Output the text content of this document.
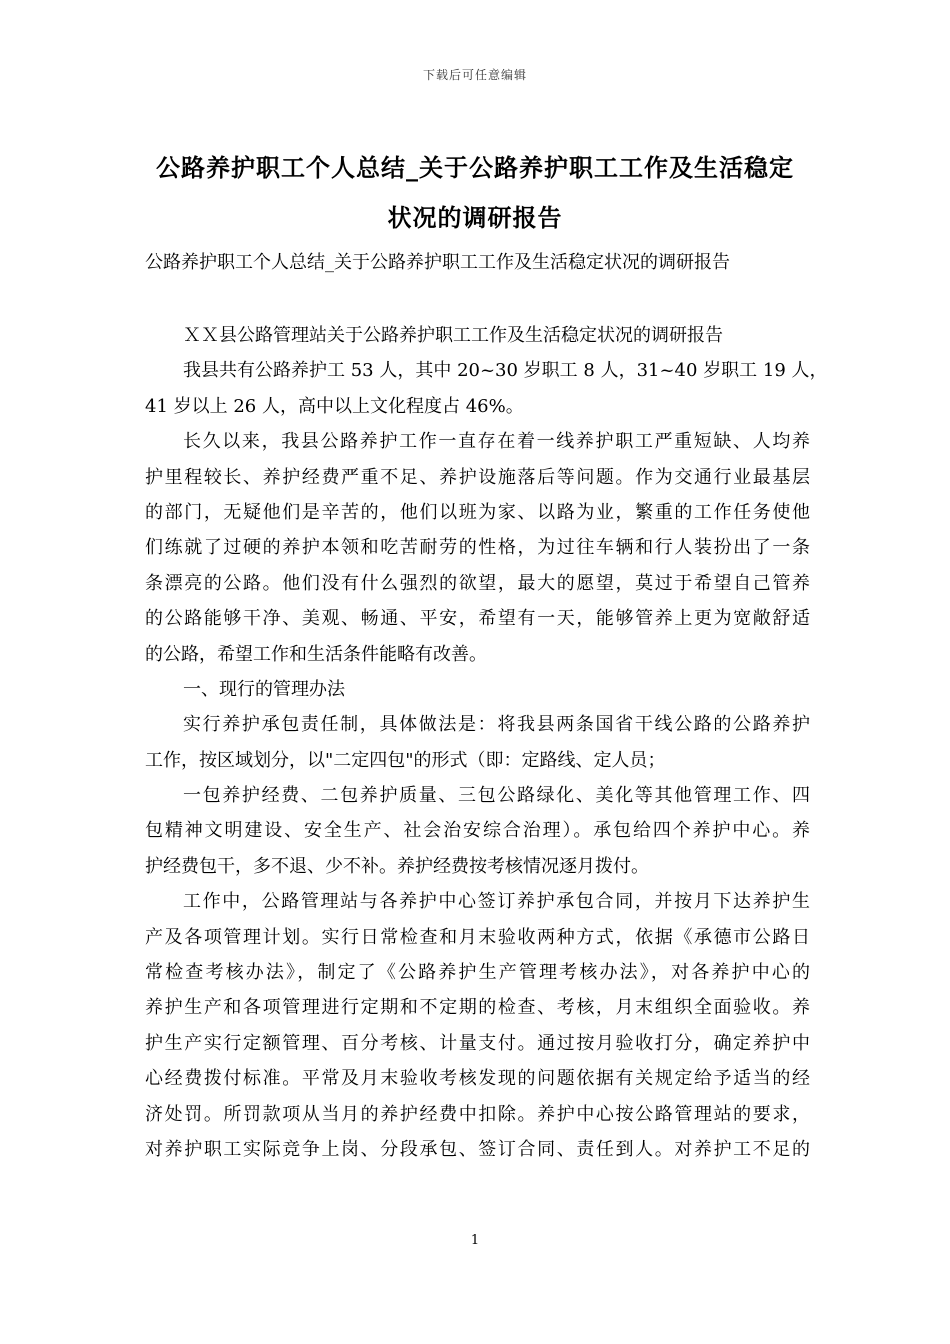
下载后可任意编辑
公路养护职工个人总结_关于公路养护职工工作及生活稳定
状况的调研报告
公路养护职工个人总结_关于公路养护职工工作及生活稳定状况的调研报告
ＸＸ县公路管理站关于公路养护职工工作及生活稳定状况的调研报告
我县共有公路养护工 53 人，其中 20~30 岁职工 8 人，31~40 岁职工 19 人，
41 岁以上 26 人，高中以上文化程度占 46%。
长久以来，我县公路养护工作一直存在着一线养护职工严重短缺、人均养
护里程较长、养护经费严重不足、养护设施落后等问题。作为交通行业最基层
的部门，无疑他们是辛苦的，他们以班为家、以路为业，繁重的工作任务使他
们练就了过硬的养护本领和吃苦耐劳的性格，为过往车辆和行人装扮出了一条
条漂亮的公路。他们没有什么强烈的欲望，最大的愿望，莫过于希望自己管养
的公路能够干净、美观、畅通、平安，希望有一天，能够管养上更为宽敞舒适
的公路，希望工作和生活条件能略有改善。
一、现行的管理办法
实行养护承包责任制，具体做法是：将我县两条国省干线公路的公路养护
工作，按区域划分，以"二定四包"的形式（即：定路线、定人员；
一包养护经费、二包养护质量、三包公路绿化、美化等其他管理工作、四
包精神文明建设、安全生产、社会治安综合治理）。承包给四个养护中心。养
护经费包干，多不退、少不补。养护经费按考核情况逐月拨付。
工作中，公路管理站与各养护中心签订养护承包合同，并按月下达养护生
产及各项管理计划。实行日常检查和月末验收两种方式，依据《承德市公路日
常检查考核办法》，制定了《公路养护生产管理考核办法》，对各养护中心的
养护生产和各项管理进行定期和不定期的检查、考核，月末组织全面验收。养
护生产实行定额管理、百分考核、计量支付。通过按月验收打分，确定养护中
心经费拨付标准。平常及月末验收考核发现的问题依据有关规定给予适当的经
济处罚。所罚款项从当月的养护经费中扣除。养护中心按公路管理站的要求，
对养护职工实际竞争上岗、分段承包、签订合同、责任到人。对养护工不足的
1
